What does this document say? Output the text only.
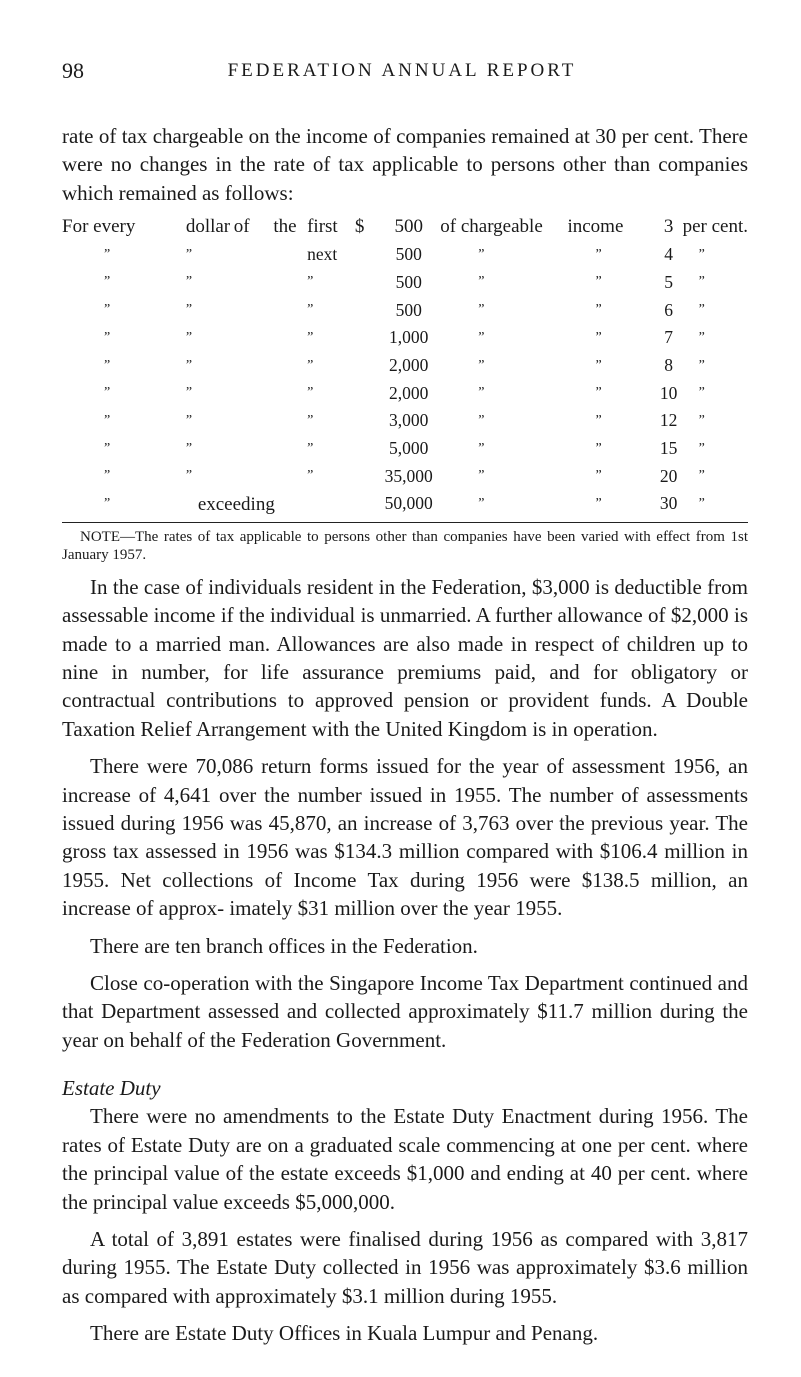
98	FEDERATION ANNUAL REPORT

rate of tax chargeable on the income of companies remained at 30 per cent. There were no changes in the rate of tax applicable to persons other than companies which remained as follows:

For every	dollar	of	the	first	$	500	of chargeable	income	3	per cent.
”	”			next		500	”	”	4	”
”	”			”		500	”	”	5	”
”	”			”		500	”	”	6	”
”	”			”		1,000	”	”	7	”
”	”			”		2,000	”	”	8	”
”	”			”		2,000	”	”	10	”
”	”			”		3,000	”	”	12	”
”	”			”		5,000	”	”	15	”
”	”			”		35,000	”	”	20	”
”	exceeding					50,000	”	”	30	”
NOTE—The rates of tax applicable to persons other than companies have been varied with effect from 1st January 1957.

In the case of individuals resident in the Federation, $3,000 is deductible from assessable income if the individual is unmarried. A further allowance of $2,000 is made to a married man. Allowances are also made in respect of children up to nine in number, for life assurance premiums paid, and for obligatory or contractual contributions to approved pension or provident funds. A Double Taxation Relief Arrangement with the United Kingdom is in operation.

There were 70,086 return forms issued for the year of assessment 1956, an increase of 4,641 over the number issued in 1955. The number of assessments issued during 1956 was 45,870, an increase of 3,763 over the previous year. The gross tax assessed in 1956 was $134.3 million compared with $106.4 million in 1955. Net collections of Income Tax during 1956 were $138.5 million, an increase of approx- imately $31 million over the year 1955.

There are ten branch offices in the Federation.

Close co-operation with the Singapore Income Tax Department continued and that Department assessed and collected approximately $11.7 million during the year on behalf of the Federation Government.

Estate Duty

There were no amendments to the Estate Duty Enactment during 1956. The rates of Estate Duty are on a graduated scale commencing at one per cent. where the principal value of the estate exceeds $1,000 and ending at 40 per cent. where the principal value exceeds $5,000,000.

A total of 3,891 estates were finalised during 1956 as compared with 3,817 during 1955. The Estate Duty collected in 1956 was approximately $3.6 million as compared with approximately $3.1 million during 1955.

There are Estate Duty Offices in Kuala Lumpur and Penang.
